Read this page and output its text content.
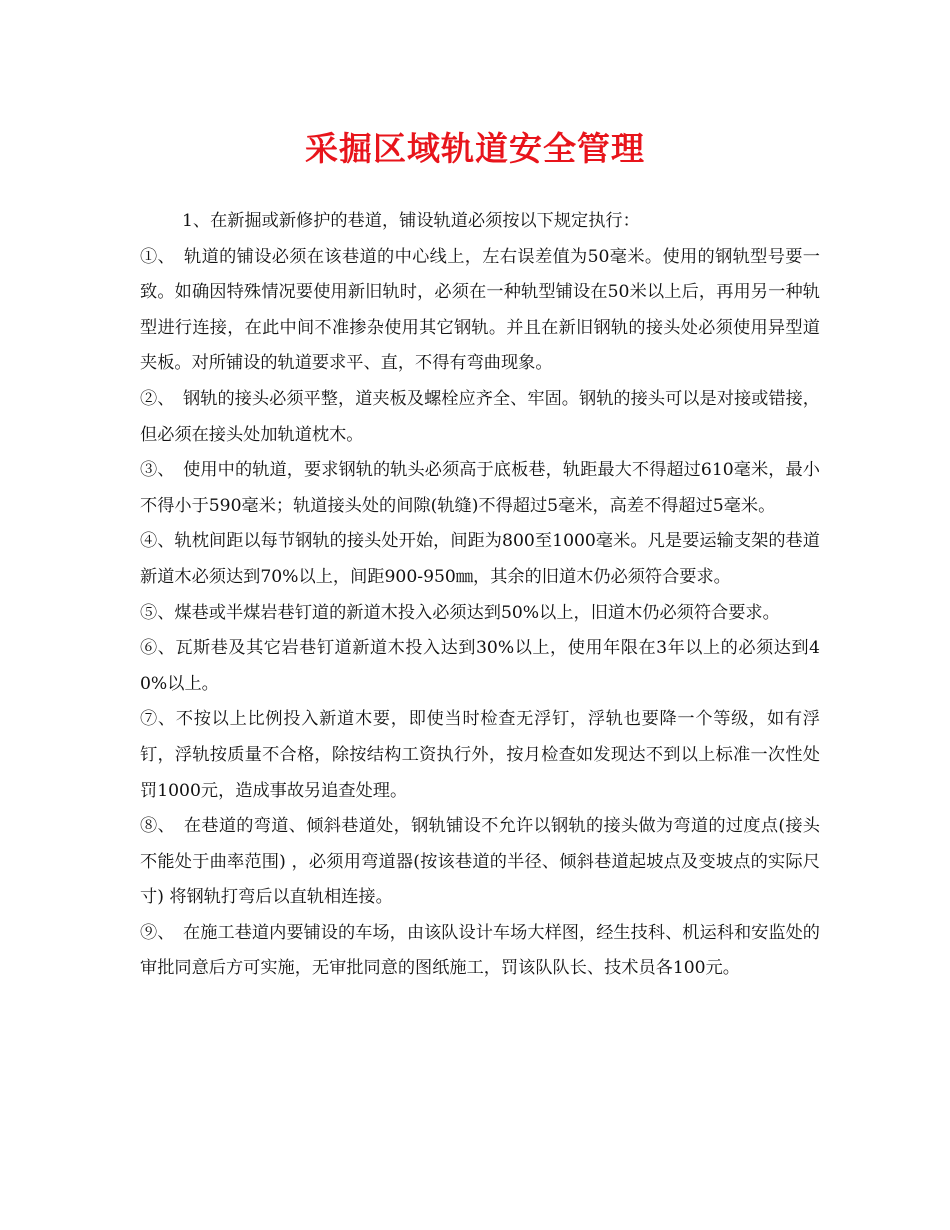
采掘区域轨道安全管理

1、在新掘或新修护的巷道，铺设轨道必须按以下规定执行：

①、　轨道的铺设必须在该巷道的中心线上，左右误差值为50毫米。使用的钢轨型号要一致。如确因特殊情况要使用新旧轨时，必须在一种轨型铺设在50米以上后，再用另一种轨型进行连接，在此中间不准掺杂使用其它钢轨。并且在新旧钢轨的接头处必须使用异型道夹板。对所铺设的轨道要求平、直，不得有弯曲现象。

②、　钢轨的接头必须平整，道夹板及螺栓应齐全、牢固。钢轨的接头可以是对接或错接，但必须在接头处加轨道枕木。

③、　使用中的轨道，要求钢轨的轨头必须高于底板巷，轨距最大不得超过610毫米，最小不得小于590毫米；轨道接头处的间隙(轨缝)不得超过5毫米，高差不得超过5毫米。

④、轨枕间距以每节钢轨的接头处开始，间距为800至1000毫米。凡是要运输支架的巷道新道木必须达到70%以上，间距900-950㎜，其余的旧道木仍必须符合要求。

⑤、煤巷或半煤岩巷钉道的新道木投入必须达到50%以上，旧道木仍必须符合要求。

⑥、瓦斯巷及其它岩巷钉道新道木投入达到30%以上，使用年限在3年以上的必须达到40%以上。

⑦、不按以上比例投入新道木要，即使当时检查无浮钉，浮轨也要降一个等级，如有浮钉，浮轨按质量不合格，除按结构工资执行外，按月检查如发现达不到以上标准一次性处罚1000元，造成事故另追查处理。

⑧、　在巷道的弯道、倾斜巷道处，钢轨铺设不允许以钢轨的接头做为弯道的过度点(接头不能处于曲率范围) ，必须用弯道器(按该巷道的半径、倾斜巷道起坡点及变坡点的实际尺寸) 将钢轨打弯后以直轨相连接。

⑨、　在施工巷道内要铺设的车场，由该队设计车场大样图，经生技科、机运科和安监处的审批同意后方可实施，无审批同意的图纸施工，罚该队队长、技术员各100元。
